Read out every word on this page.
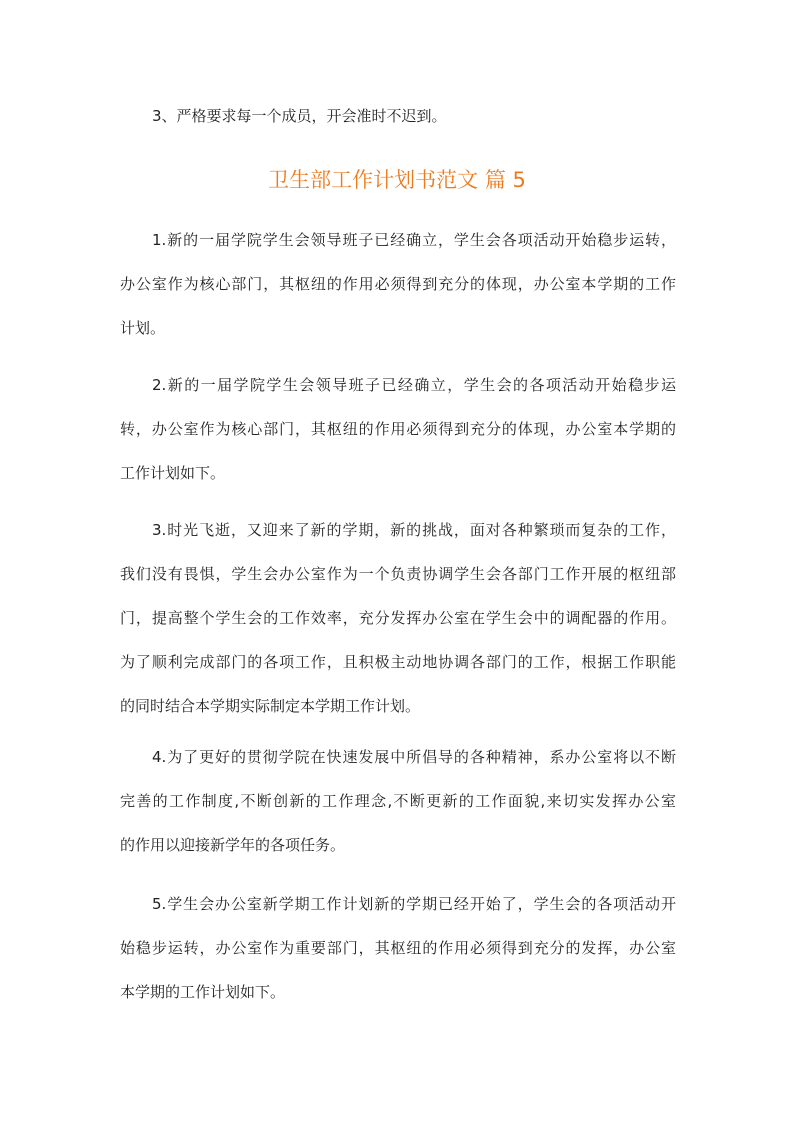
3、严格要求每一个成员，开会准时不迟到。
卫生部工作计划书范文 篇 5
1.新的一届学院学生会领导班子已经确立，学生会各项活动开始稳步运转，
办公室作为核心部门，其枢纽的作用必须得到充分的体现，办公室本学期的工作
计划。
2.新的一届学院学生会领导班子已经确立，学生会的各项活动开始稳步运
转，办公室作为核心部门，其枢纽的作用必须得到充分的体现，办公室本学期的
工作计划如下。
3.时光飞逝，又迎来了新的学期，新的挑战，面对各种繁琐而复杂的工作，
我们没有畏惧，学生会办公室作为一个负责协调学生会各部门工作开展的枢纽部
门，提高整个学生会的工作效率，充分发挥办公室在学生会中的调配器的作用。
为了顺利完成部门的各项工作，且积极主动地协调各部门的工作，根据工作职能
的同时结合本学期实际制定本学期工作计划。
4.为了更好的贯彻学院在快速发展中所倡导的各种精神，系办公室将以不断
完善的工作制度,不断创新的工作理念,不断更新的工作面貌,来切实发挥办公室
的作用以迎接新学年的各项任务。
5.学生会办公室新学期工作计划新的学期已经开始了，学生会的各项活动开
始稳步运转，办公室作为重要部门，其枢纽的作用必须得到充分的发挥，办公室
本学期的工作计划如下。
